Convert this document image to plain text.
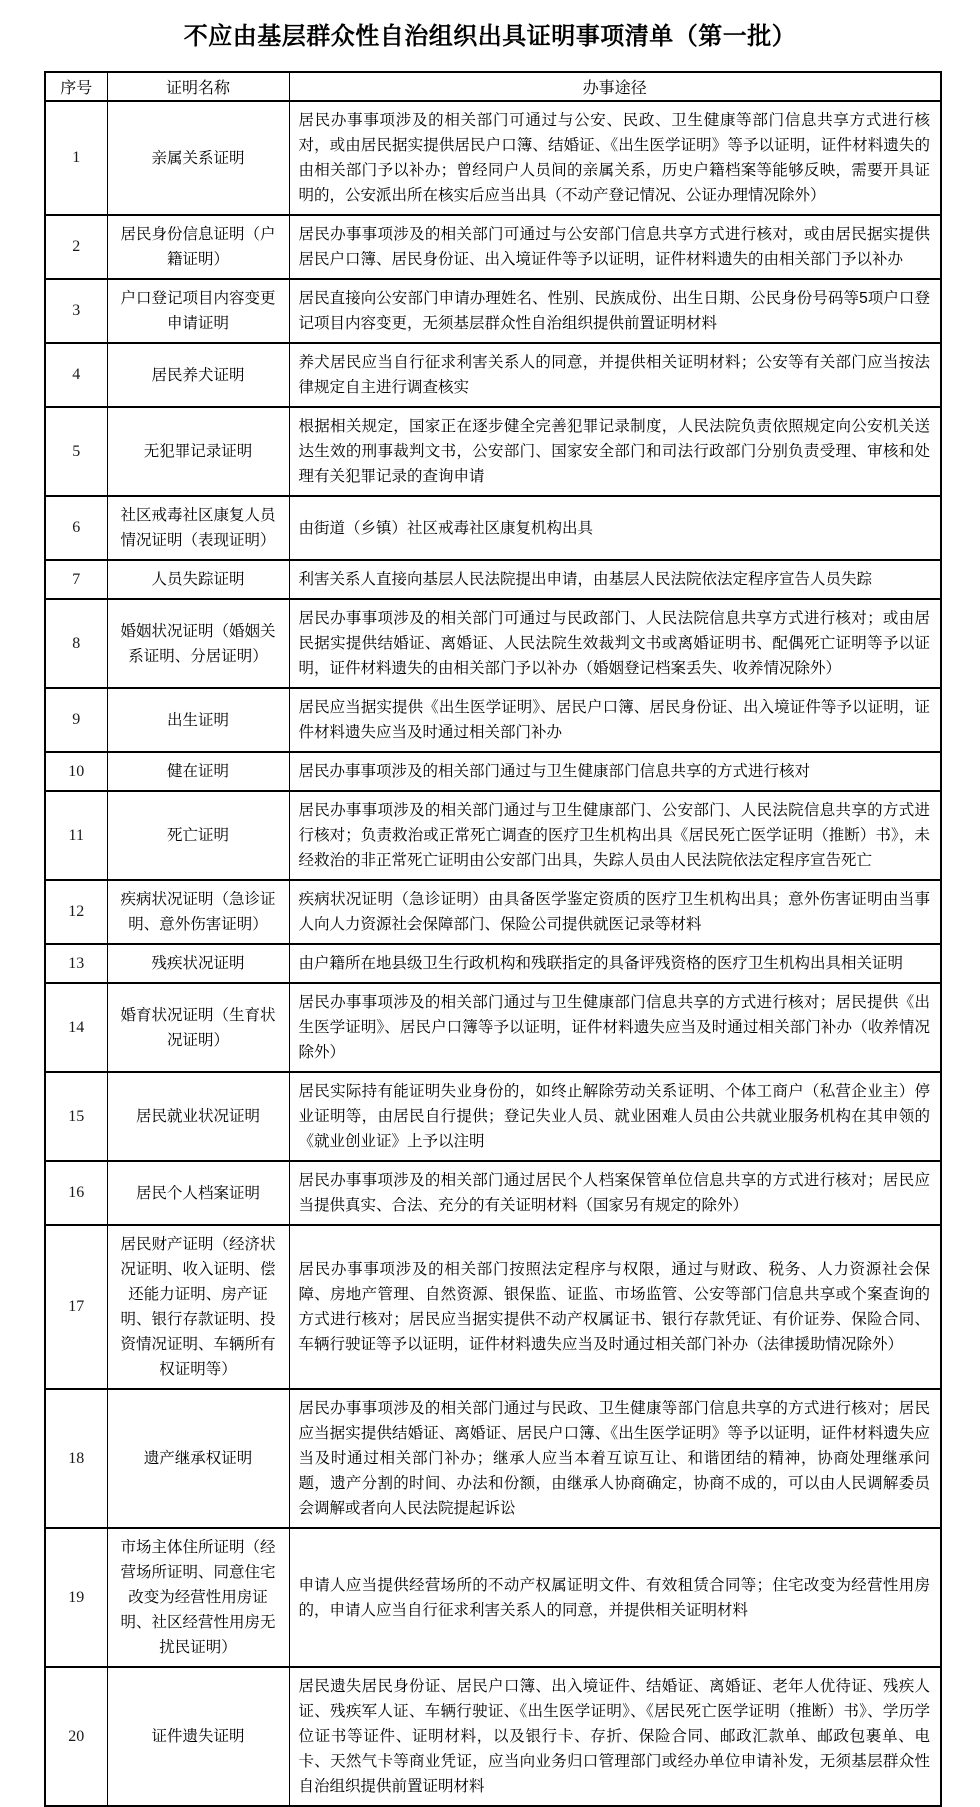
不应由基层群众性自治组织出具证明事项清单（第一批）
序号	证明名称	办事途径
1	亲属关系证明	居民办事事项涉及的相关部门可通过与公安、民政、卫生健康等部门信息共享方式进行核对，或由居民据实提供居民户口簿、结婚证、《出生医学证明》等予以证明，证件材料遗失的由相关部门予以补办；曾经同户人员间的亲属关系，历史户籍档案等能够反映，需要开具证明的，公安派出所在核实后应当出具（不动产登记情况、公证办理情况除外）
2	居民身份信息证明（户籍证明）	居民办事事项涉及的相关部门可通过与公安部门信息共享方式进行核对，或由居民据实提供居民户口簿、居民身份证、出入境证件等予以证明，证件材料遗失的由相关部门予以补办
3	户口登记项目内容变更申请证明	居民直接向公安部门申请办理姓名、性别、民族成份、出生日期、公民身份号码等5项户口登记项目内容变更，无须基层群众性自治组织提供前置证明材料
4	居民养犬证明	养犬居民应当自行征求利害关系人的同意，并提供相关证明材料；公安等有关部门应当按法律规定自主进行调查核实
5	无犯罪记录证明	根据相关规定，国家正在逐步健全完善犯罪记录制度，人民法院负责依照规定向公安机关送达生效的刑事裁判文书，公安部门、国家安全部门和司法行政部门分别负责受理、审核和处理有关犯罪记录的查询申请
6	社区戒毒社区康复人员情况证明（表现证明）	由街道（乡镇）社区戒毒社区康复机构出具
7	人员失踪证明	利害关系人直接向基层人民法院提出申请，由基层人民法院依法定程序宣告人员失踪
8	婚姻状况证明（婚姻关系证明、分居证明）	居民办事事项涉及的相关部门可通过与民政部门、人民法院信息共享方式进行核对；或由居民据实提供结婚证、离婚证、人民法院生效裁判文书或离婚证明书、配偶死亡证明等予以证明，证件材料遗失的由相关部门予以补办（婚姻登记档案丢失、收养情况除外）
9	出生证明	居民应当据实提供《出生医学证明》、居民户口簿、居民身份证、出入境证件等予以证明，证件材料遗失应当及时通过相关部门补办
10	健在证明	居民办事事项涉及的相关部门通过与卫生健康部门信息共享的方式进行核对
11	死亡证明	居民办事事项涉及的相关部门通过与卫生健康部门、公安部门、人民法院信息共享的方式进行核对；负责救治或正常死亡调查的医疗卫生机构出具《居民死亡医学证明（推断）书》，未经救治的非正常死亡证明由公安部门出具，失踪人员由人民法院依法定程序宣告死亡
12	疾病状况证明（急诊证明、意外伤害证明）	疾病状况证明（急诊证明）由具备医学鉴定资质的医疗卫生机构出具；意外伤害证明由当事人向人力资源社会保障部门、保险公司提供就医记录等材料
13	残疾状况证明	由户籍所在地县级卫生行政机构和残联指定的具备评残资格的医疗卫生机构出具相关证明
14	婚育状况证明（生育状况证明）	居民办事事项涉及的相关部门通过与卫生健康部门信息共享的方式进行核对；居民提供《出生医学证明》、居民户口簿等予以证明，证件材料遗失应当及时通过相关部门补办（收养情况除外）
15	居民就业状况证明	居民实际持有能证明失业身份的，如终止解除劳动关系证明、个体工商户（私营企业主）停业证明等，由居民自行提供；登记失业人员、就业困难人员由公共就业服务机构在其申领的《就业创业证》上予以注明
16	居民个人档案证明	居民办事事项涉及的相关部门通过居民个人档案保管单位信息共享的方式进行核对；居民应当提供真实、合法、充分的有关证明材料（国家另有规定的除外）
17	居民财产证明（经济状况证明、收入证明、偿还能力证明、房产证明、银行存款证明、投资情况证明、车辆所有权证明等）	居民办事事项涉及的相关部门按照法定程序与权限，通过与财政、税务、人力资源社会保障、房地产管理、自然资源、银保监、证监、市场监管、公安等部门信息共享或个案查询的方式进行核对；居民应当据实提供不动产权属证书、银行存款凭证、有价证券、保险合同、车辆行驶证等予以证明，证件材料遗失应当及时通过相关部门补办（法律援助情况除外）
18	遗产继承权证明	居民办事事项涉及的相关部门通过与民政、卫生健康等部门信息共享的方式进行核对；居民应当据实提供结婚证、离婚证、居民户口簿、《出生医学证明》等予以证明，证件材料遗失应当及时通过相关部门补办；继承人应当本着互谅互让、和谐团结的精神，协商处理继承问题，遗产分割的时间、办法和份额，由继承人协商确定，协商不成的，可以由人民调解委员会调解或者向人民法院提起诉讼
19	市场主体住所证明（经营场所证明、同意住宅改变为经营性用房证明、社区经营性用房无扰民证明）	申请人应当提供经营场所的不动产权属证明文件、有效租赁合同等；住宅改变为经营性用房的，申请人应当自行征求利害关系人的同意，并提供相关证明材料
20	证件遗失证明	居民遗失居民身份证、居民户口簿、出入境证件、结婚证、离婚证、老年人优待证、残疾人证、残疾军人证、车辆行驶证、《出生医学证明》、《居民死亡医学证明（推断）书》、学历学位证书等证件、证明材料，以及银行卡、存折、保险合同、邮政汇款单、邮政包裹单、电卡、天然气卡等商业凭证，应当向业务归口管理部门或经办单位申请补发，无须基层群众性自治组织提供前置证明材料
